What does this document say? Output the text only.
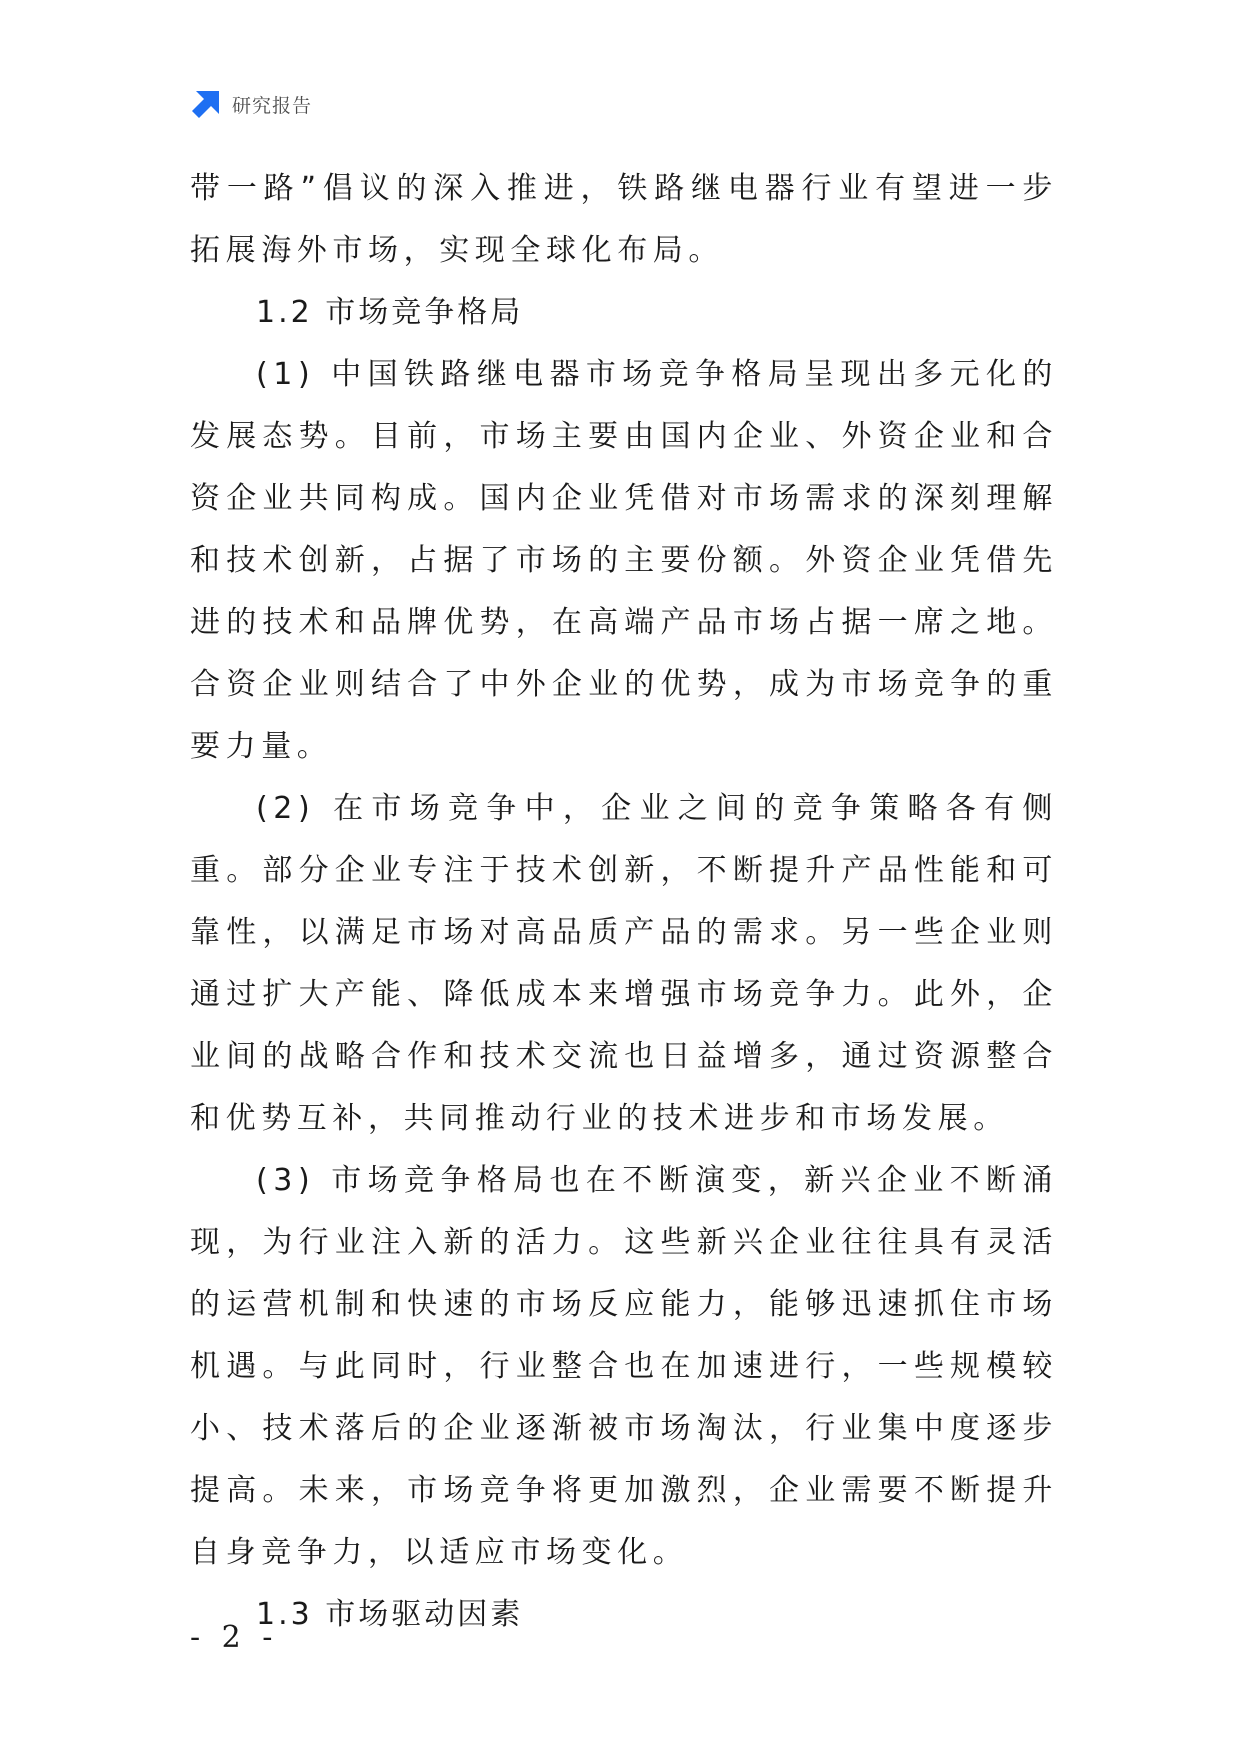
研究报告

带一路”倡议的深入推进，铁路继电器行业有望进一步拓展海外市场，实现全球化布局。

1.2 市场竞争格局

(1) 中国铁路继电器市场竞争格局呈现出多元化的发展态势。目前，市场主要由国内企业、外资企业和合资企业共同构成。国内企业凭借对市场需求的深刻理解和技术创新，占据了市场的主要份额。外资企业凭借先进的技术和品牌优势，在高端产品市场占据一席之地。合资企业则结合了中外企业的优势，成为市场竞争的重要力量。

(2) 在市场竞争中，企业之间的竞争策略各有侧重。部分企业专注于技术创新，不断提升产品性能和可靠性，以满足市场对高品质产品的需求。另一些企业则通过扩大产能、降低成本来增强市场竞争力。此外，企业间的战略合作和技术交流也日益增多，通过资源整合和优势互补，共同推动行业的技术进步和市场发展。

(3) 市场竞争格局也在不断演变，新兴企业不断涌现，为行业注入新的活力。这些新兴企业往往具有灵活的运营机制和快速的市场反应能力，能够迅速抓住市场机遇。与此同时，行业整合也在加速进行，一些规模较小、技术落后的企业逐渐被市场淘汰，行业集中度逐步提高。未来，市场竞争将更加激烈，企业需要不断提升自身竞争力，以适应市场变化。

1.3 市场驱动因素

- 2 -
